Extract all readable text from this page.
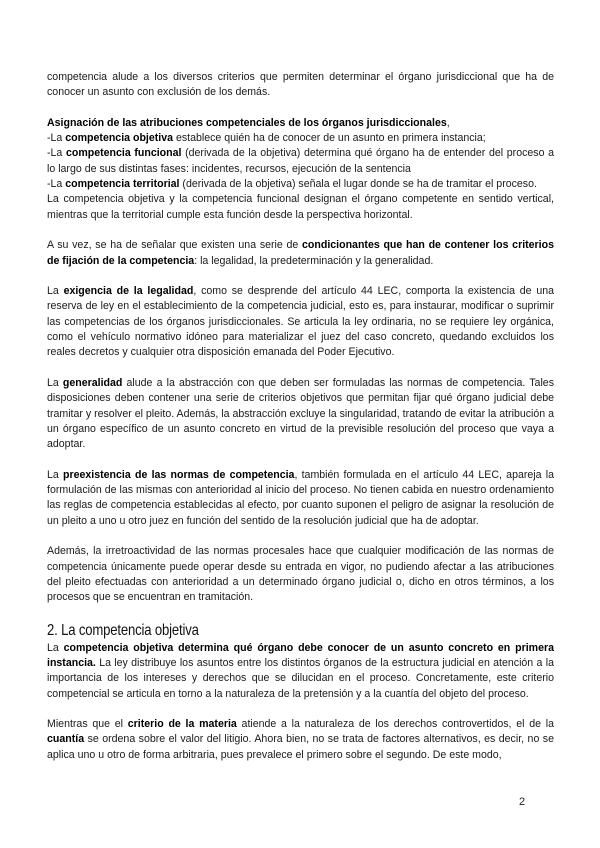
competencia alude a los diversos criterios que permiten determinar el órgano jurisdiccional que ha de conocer un asunto con exclusión de los demás.
Asignación de las atribuciones competenciales de los órganos jurisdiccionales,
-La competencia objetiva establece quién ha de conocer de un asunto en primera instancia;
-La competencia funcional (derivada de la objetiva) determina qué órgano ha de entender del proceso a lo largo de sus distintas fases: incidentes, recursos, ejecución de la sentencia
-La competencia territorial (derivada de la objetiva) señala el lugar donde se ha de tramitar el proceso.
La competencia objetiva y la competencia funcional designan el órgano competente en sentido vertical, mientras que la territorial cumple esta función desde la perspectiva horizontal.
A su vez, se ha de señalar que existen una serie de condicionantes que han de contener los criterios de fijación de la competencia: la legalidad, la predeterminación y la generalidad.
La exigencia de la legalidad, como se desprende del artículo 44 LEC, comporta la existencia de una reserva de ley en el establecimiento de la competencia judicial, esto es, para instaurar, modificar o suprimir las competencias de los órganos jurisdiccionales. Se articula la ley ordinaria, no se requiere ley orgánica, como el vehículo normativo idóneo para materializar el juez del caso concreto, quedando excluidos los reales decretos y cualquier otra disposición emanada del Poder Ejecutivo.
La generalidad alude a la abstracción con que deben ser formuladas las normas de competencia. Tales disposiciones deben contener una serie de criterios objetivos que permitan fijar qué órgano judicial debe tramitar y resolver el pleito. Además, la abstracción excluye la singularidad, tratando de evitar la atribución a un órgano específico de un asunto concreto en virtud de la previsible resolución del proceso que vaya a adoptar.
La preexistencia de las normas de competencia, también formulada en el artículo 44 LEC, apareja la formulación de las mismas con anterioridad al inicio del proceso. No tienen cabida en nuestro ordenamiento las reglas de competencia establecidas al efecto, por cuanto suponen el peligro de asignar la resolución de un pleito a uno u otro juez en función del sentido de la resolución judicial que ha de adoptar.
Además, la irretroactividad de las normas procesales hace que cualquier modificación de las normas de competencia únicamente puede operar desde su entrada en vigor, no pudiendo afectar a las atribuciones del pleito efectuadas con anterioridad a un determinado órgano judicial o, dicho en otros términos, a los procesos que se encuentran en tramitación.
2. La competencia objetiva
La competencia objetiva determina qué órgano debe conocer de un asunto concreto en primera instancia. La ley distribuye los asuntos entre los distintos órganos de la estructura judicial en atención a la importancia de los intereses y derechos que se dilucidan en el proceso. Concretamente, este criterio competencial se articula en torno a la naturaleza de la pretensión y a la cuantía del objeto del proceso.
Mientras que el criterio de la materia atiende a la naturaleza de los derechos controvertidos, el de la cuantía se ordena sobre el valor del litigio. Ahora bien, no se trata de factores alternativos, es decir, no se aplica uno u otro de forma arbitraria, pues prevalece el primero sobre el segundo. De este modo,
2
